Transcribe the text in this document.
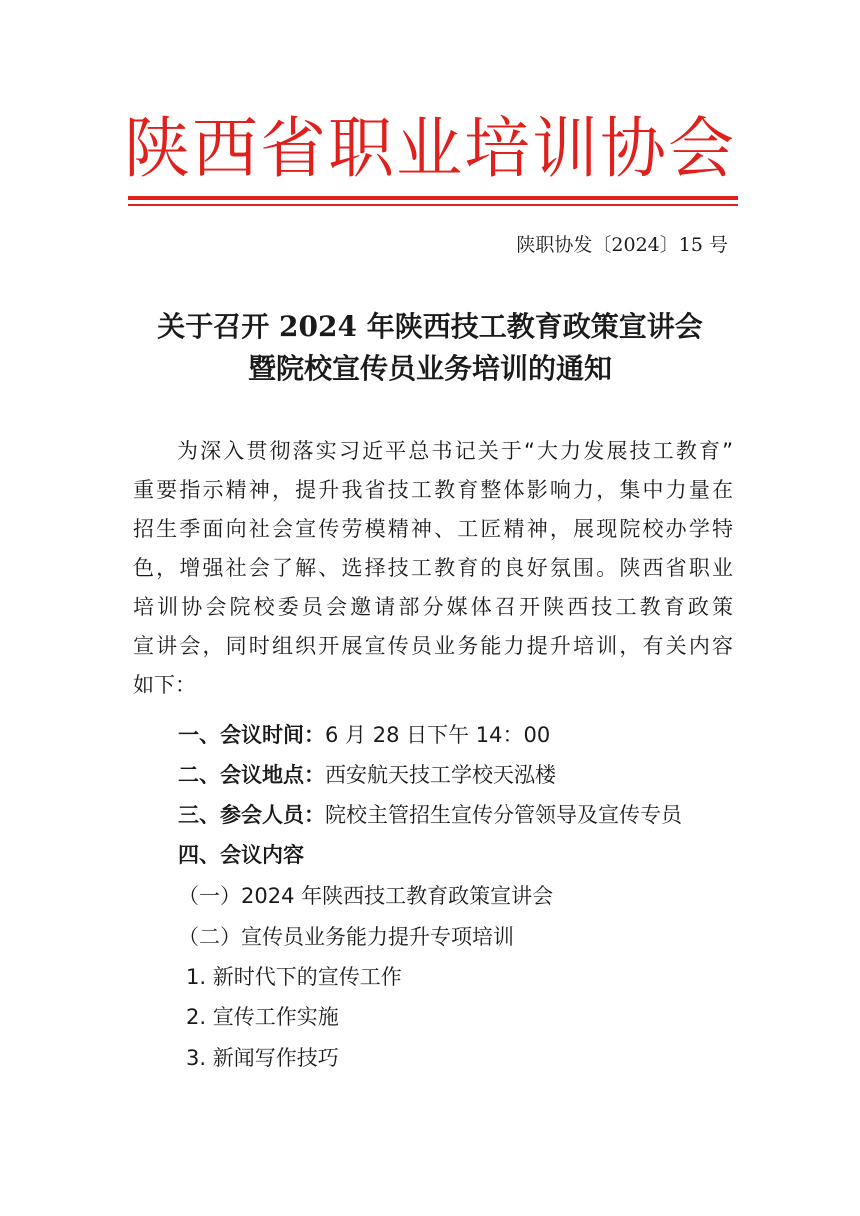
陕西省职业培训协会
陕职协发〔2024〕15 号
关于召开 2024 年陕西技工教育政策宣讲会
暨院校宣传员业务培训的通知
为深入贯彻落实习近平总书记关于“大力发展技工教育”
重要指示精神，提升我省技工教育整体影响力，集中力量在
招生季面向社会宣传劳模精神、工匠精神，展现院校办学特
色，增强社会了解、选择技工教育的良好氛围。陕西省职业
培训协会院校委员会邀请部分媒体召开陕西技工教育政策
宣讲会，同时组织开展宣传员业务能力提升培训，有关内容
如下：
一、会议时间：6 月 28 日下午 14：00
二、会议地点：西安航天技工学校天泓楼
三、参会人员：院校主管招生宣传分管领导及宣传专员
四、会议内容
（一）2024 年陕西技工教育政策宣讲会
（二）宣传员业务能力提升专项培训
1. 新时代下的宣传工作
2. 宣传工作实施
3. 新闻写作技巧
